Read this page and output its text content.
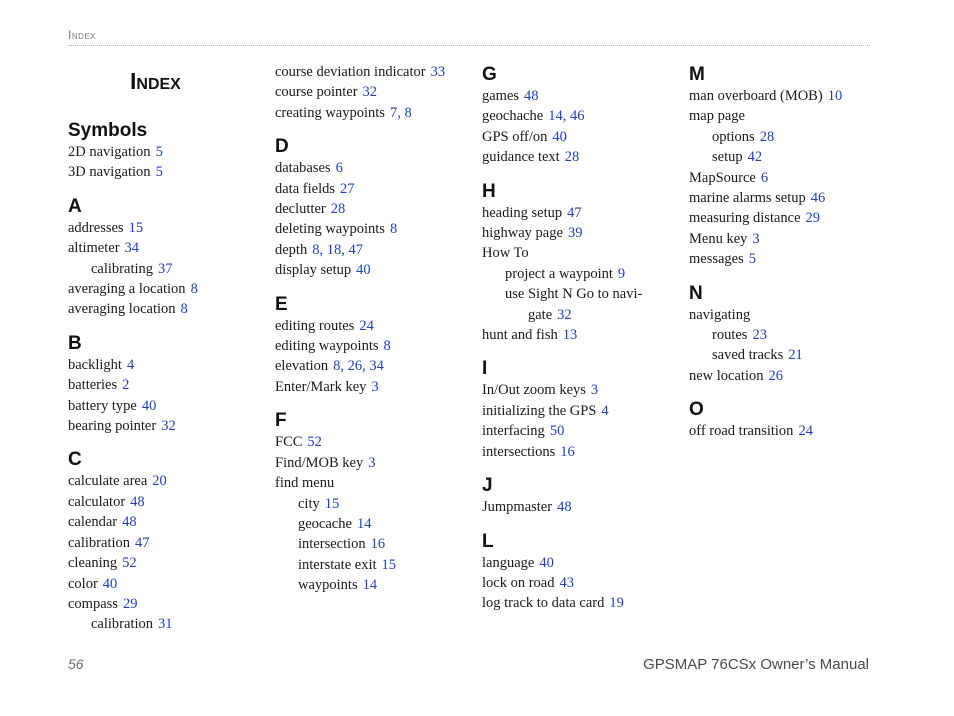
Index
Index
Symbols
2D navigation 5
3D navigation 5
A
addresses 15
altimeter 34
calibrating 37
averaging a location 8
averaging location 8
B
backlight 4
batteries 2
battery type 40
bearing pointer 32
C
calculate area 20
calculator 48
calendar 48
calibration 47
cleaning 52
color 40
compass 29
calibration 31
course deviation indicator 33
course pointer 32
creating waypoints 7 , 8
D
databases 6
data fields 27
declutter 28
deleting waypoints 8
depth 8 , 18 , 47
display setup 40
E
editing routes 24
editing waypoints 8
elevation 8 , 26 , 34
Enter/Mark key 3
F
FCC 52
Find/MOB key 3
find menu
city 15
geocache 14
intersection 16
interstate exit 15
waypoints 14
G
games 48
geochache 14 , 46
GPS off/on 40
guidance text 28
H
heading setup 47
highway page 39
How To
project a waypoint 9
use Sight N Go to navi-
gate 32
hunt and fish 13
I
In/Out zoom keys 3
initializing the GPS 4
interfacing 50
intersections 16
J
Jumpmaster 48
L
language 40
lock on road 43
log track to data card 19
M
man overboard (MOB) 10
map page
options 28
setup 42
MapSource 6
marine alarms setup 46
measuring distance 29
Menu key 3
messages 5
N
navigating
routes 23
saved tracks 21
new location 26
O
off road transition 24
56	GPSMAP 76CSx Owner’s Manual
